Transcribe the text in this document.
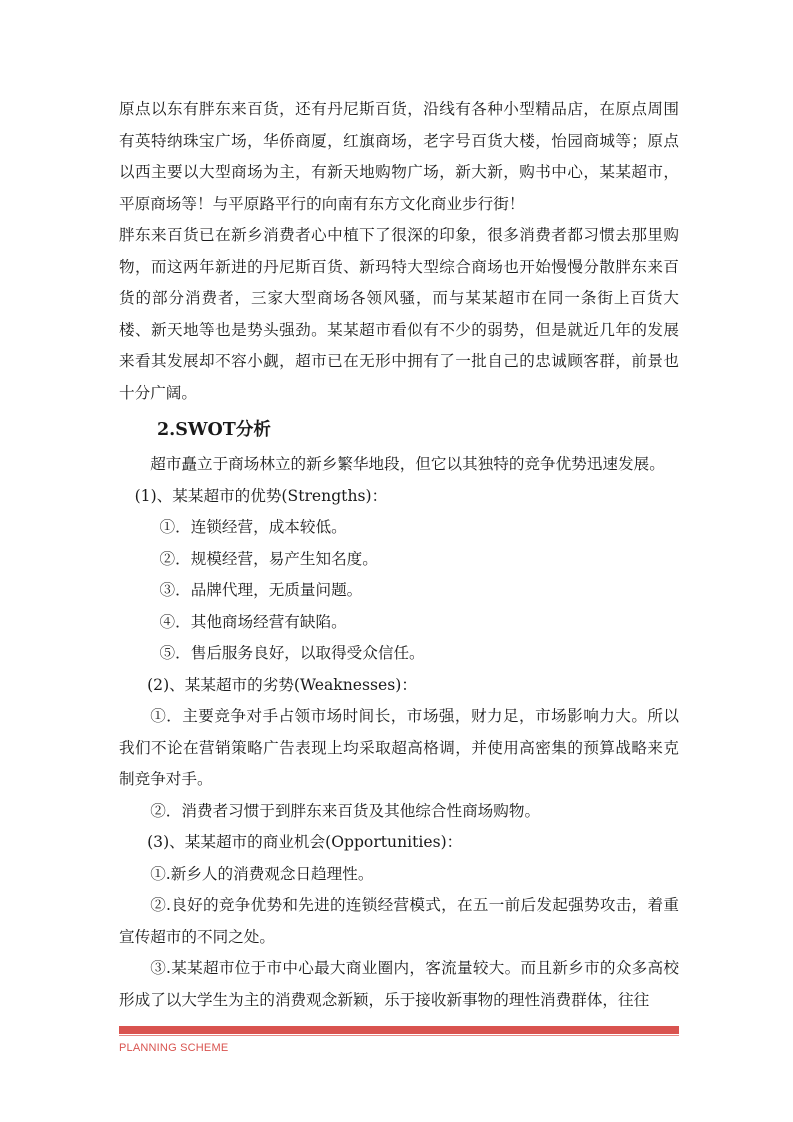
原点以东有胖东来百货，还有丹尼斯百货，沿线有各种小型精品店，在原点周围有英特纳珠宝广场，华侨商厦，红旗商场，老字号百货大楼，怡园商城等；原点以西主要以大型商场为主，有新天地购物广场，新大新，购书中心，某某超市，平原商场等！与平原路平行的向南有东方文化商业步行街！

胖东来百货已在新乡消费者心中植下了很深的印象，很多消费者都习惯去那里购物，而这两年新进的丹尼斯百货、新玛特大型综合商场也开始慢慢分散胖东来百货的部分消费者，三家大型商场各领风骚，而与某某超市在同一条街上百货大楼、新天地等也是势头强劲。某某超市看似有不少的弱势，但是就近几年的发展来看其发展却不容小觑，超市已在无形中拥有了一批自己的忠诚顾客群，前景也十分广阔。

2.SWOT分析

超市矗立于商场林立的新乡繁华地段，但它以其独特的竞争优势迅速发展。

(1)、某某超市的优势(Strengths)：

①．连锁经营，成本较低。

②．规模经营，易产生知名度。

③．品牌代理，无质量问题。

④．其他商场经营有缺陷。

⑤．售后服务良好，以取得受众信任。

(2)、某某超市的劣势(Weaknesses)：

①．主要竞争对手占领市场时间长，市场强，财力足，市场影响力大。所以我们不论在营销策略广告表现上均采取超高格调，并使用高密集的预算战略来克制竞争对手。

②．消费者习惯于到胖东来百货及其他综合性商场购物。

(3)、某某超市的商业机会(Opportunities)：

①.新乡人的消费观念日趋理性。

②.良好的竞争优势和先进的连锁经营模式，在五一前后发起强势攻击，着重宣传超市的不同之处。

③.某某超市位于市中心最大商业圈内，客流量较大。而且新乡市的众多高校形成了以大学生为主的消费观念新颖，乐于接收新事物的理性消费群体，往往

PLANNING SCHEME
